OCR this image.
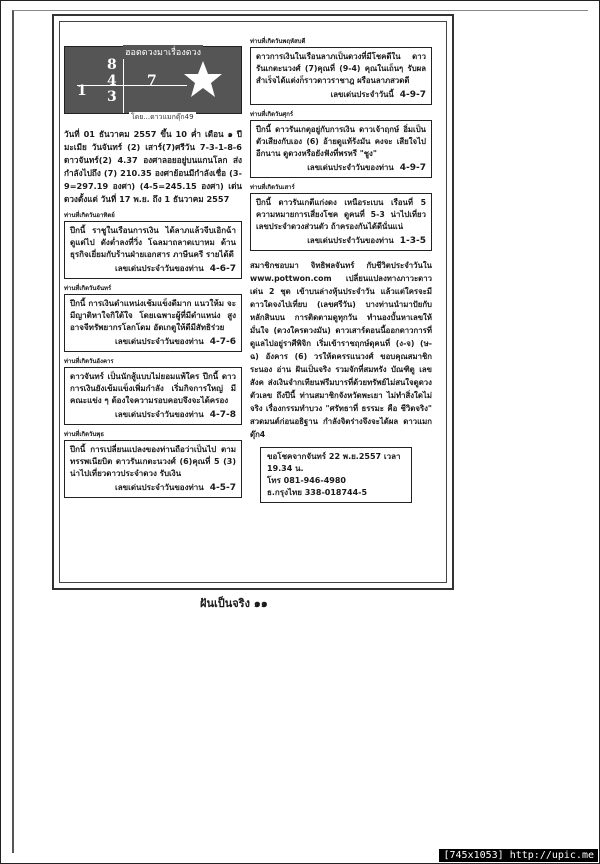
1
8
4
3
7
ฮอตดวงมาเรื่องดวง
โดย...ดาวแมกดุ๊ก49
วันที่ 01 ธันวาคม 2557 ขึ้น 10 ค่ำ เดือน ๑ ปีมะเมีย วันจันทร์ (2) เสาร์(7)ศรีวัน 7-3-1-8-6 ดาวจันทร์(2) 4.37 องศาลอยอยู่บนแกนโลก ส่งกำลังไปถึง (7) 210.35 องศาย้อนมีกำลังเชื่อ (3-9=297.19 องศา) (4-5=245.15 องศา) เด่น ดวงตั้งแต่ วันที่ 17 พ.ย. ถึง 1 ธันวาคม 2557
ท่านที่เกิดวันอาทิตย์
ปีกนี้ ราชูในเรือนการเงิน ได้ลาภแล้วจีบเอิกฉ้า ดูแต่ไป ดังต่ำลงที่วิ่ง โฉลมาถลาดเบาหม ด้าน ธุรกิจเยี่ยมกับร้านฝ่ายเอกสาร ภาษีนครี รายได้ดี
เลขเด่นประจำวันของท่าน 4-6-7
ท่านที่เกิดวันจันทร์
ปีกนี้ การเงินดำแหน่งเช้มแข็งดีมาก แนวให้ม จะมีญาติหาใจกิใต้ใจ โดยเฉพาะผู้ที่มีดำแหน่ง สูงอาจจีทรัพยากรโลกโดม อัตเกตูให้ดีมีสัทธิร่วย
เลขเด่นประจำวันของท่าน 4-7-6
ท่านที่เกิดวันอังคาร
ดาวจันทร์ เป็นนักสู้แบบไม่ยอมแพ้ใคร ปีกนี้ ดาวการเงินยังเข้มแข็งเพิ่มกำลัง เริ่มกิจการใหญ่ มีคณะแข่ง ๆ ต้องใจความรอบคอบจึงจะได้ครอง
เลขเด่นประจำวันของท่าน 4-7-8
ท่านที่เกิดวันพุธ
ปีกนี้ การเปลี่ยนแปลงของท่านถือว่าเป็นไป ตามทรรพเนียบิต ดาวรันเกตะนวงศ์ (6)คุณที่ 5 (3) น่าไปเที่ยวดาวประจำดวง รับเงิน
เลขเด่นประจำวันของท่าน 4-5-7
ท่านที่เกิดวันพฤหัสบดี
ดาวการเงินในเรือนลาภเป็นดวงที่มีโชคดีใน ดาวรันเกตะนวงศ์ (7)คุณที่ (9-4) คุณในเถ็นๆ รับผลสำเร็จได้แต่งก็ราวดาวราชาฎ ผรือนลาภสวดดี
เลขเด่นประจำวันนี้ 4-9-7
ท่านที่เกิดวันศุกร์
ปีกนี้ ดาวรันเกตุอยู่กับการเงิน ดาวเจ้าฤกษ์ อิ่มเป็นตัวเสียงกับเอง (6) อ้ายดูแท้ร้งมัน คงจะ เสียใจไปอีกนาน ดูดวงหรือยังฟังที่พรหรี "ชูง"
เลขเด่นประจำวันของท่าน 4-9-7
ท่านที่เกิดวันเสาร์
ปีกนี้ ดาวรันเกตีแก่งดง เหนือระเบน เรือนที่ 5 ความหมายการเสี่ยงโชค ดูคนที่ 5-3 น่าไปเที่ยว เลขประจำดวงส่วนตัว ถ้าครองกันได้ดีนั่นแน่
เลขเด่นประจำวันของท่าน 1-3-5
สมาชิกชอบมา จิทธิพลจันทร์ กับชีวิตประจำวันใน www.pottwon.com เปลี่ยนแปลงทางภาวะดาวเด่น 2 ชุด เข้าบนล่างหุ้นประจำวัน แล้วแต่ใครจะมีดาวใดจงไปเที่ยบ (เลขศรีวัน) บางท่านนำมาปัยกับหลักสินบน การติดตามดูทุกวัน ทำนองบั้นหาเลขให้มั่นใจ (ดวงใครดวงมัน) ดาวเสาร์ดอนนี้ออกดาวการที่ดูแลไปอยู่ราศีพิจิก เริ่มเข้าราชฤกษ์ดุคนที่ (ง-จ) (ษ-ฉ) อังคาร (6) วรให้ดครรแนวงศ์ ขอบคุณสมาชิกระนอง อ่าน ฝันเป็นจริง รวมจักที่สมทรัง บัณฑิตู เลขสังค ส่งเงินจำกเทียนฟรีมบารที่ด้วยทรัพย์ไม่สนใจดูดวง ตัวเลข ถึงปีนี้ ท่านสมาชิกจังหวัดพะเยา ไม่ทำสิ่งใดไม่จริง เรื่องกรรมทำบวง "ศรัทธาที่ ธรรมะ คือ ชีวิตจริง" สวดมนต์ก่อนอธิฐาน กำลังจิตร่างจึงจะได้ผล ดาวแมกดุ๊ก4
ขอโชคจากจันทร์ 22 พ.ย.2557 เวลา 19.34 น.
โทร 081-946-4980
ธ.กรุงไทย 338-018744-5
ฝันเป็นจริง ๑๑
[745x1053] http://upic.me
